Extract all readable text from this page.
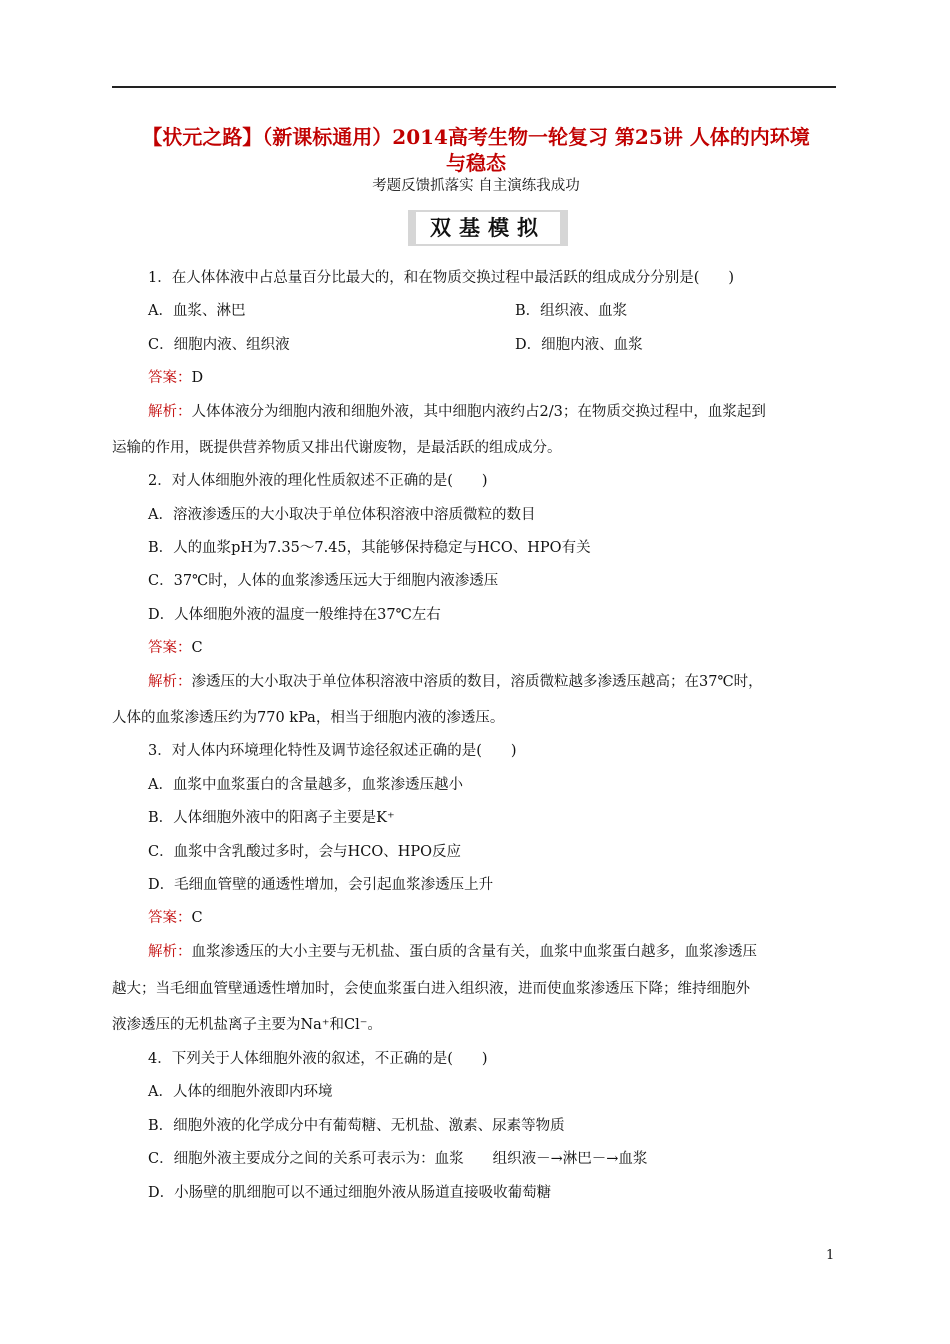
【状元之路】（新课标通用）2014高考生物一轮复习 第25讲 人体的内环境
与稳态
考题反馈抓落实 自主演练我成功
双基模拟
1．在人体体液中占总量百分比最大的，和在物质交换过程中最活跃的组成成分分别是(　　)
A．血浆、淋巴	B．组织液、血浆
C．细胞内液、组织液	D．细胞内液、血浆
答案：D
解析：人体体液分为细胞内液和细胞外液，其中细胞内液约占2/3；在物质交换过程中，血浆起到
运输的作用，既提供营养物质又排出代谢废物，是最活跃的组成成分。
2．对人体细胞外液的理化性质叙述不正确的是(　　)
A．溶液渗透压的大小取决于单位体积溶液中溶质微粒的数目
B．人的血浆pH为7.35～7.45，其能够保持稳定与HCO、HPO有关
C．37℃时，人体的血浆渗透压远大于细胞内液渗透压
D．人体细胞外液的温度一般维持在37℃左右
答案：C
解析：渗透压的大小取决于单位体积溶液中溶质的数目，溶质微粒越多渗透压越高；在37℃时，
人体的血浆渗透压约为770 kPa，相当于细胞内液的渗透压。
3．对人体内环境理化特性及调节途径叙述正确的是(　　)
A．血浆中血浆蛋白的含量越多，血浆渗透压越小
B．人体细胞外液中的阳离子主要是K⁺
C．血浆中含乳酸过多时，会与HCO、HPO反应
D．毛细血管壁的通透性增加，会引起血浆渗透压上升
答案：C
解析：血浆渗透压的大小主要与无机盐、蛋白质的含量有关，血浆中血浆蛋白越多，血浆渗透压
越大；当毛细血管壁通透性增加时，会使血浆蛋白进入组织液，进而使血浆渗透压下降；维持细胞外
液渗透压的无机盐离子主要为Na⁺和Cl⁻。
4．下列关于人体细胞外液的叙述，不正确的是(　　)
A．人体的细胞外液即内环境
B．细胞外液的化学成分中有葡萄糖、无机盐、激素、尿素等物质
C．细胞外液主要成分之间的关系可表示为：血浆　　组织液－→淋巴－→血浆
D．小肠壁的肌细胞可以不通过细胞外液从肠道直接吸收葡萄糖
1
